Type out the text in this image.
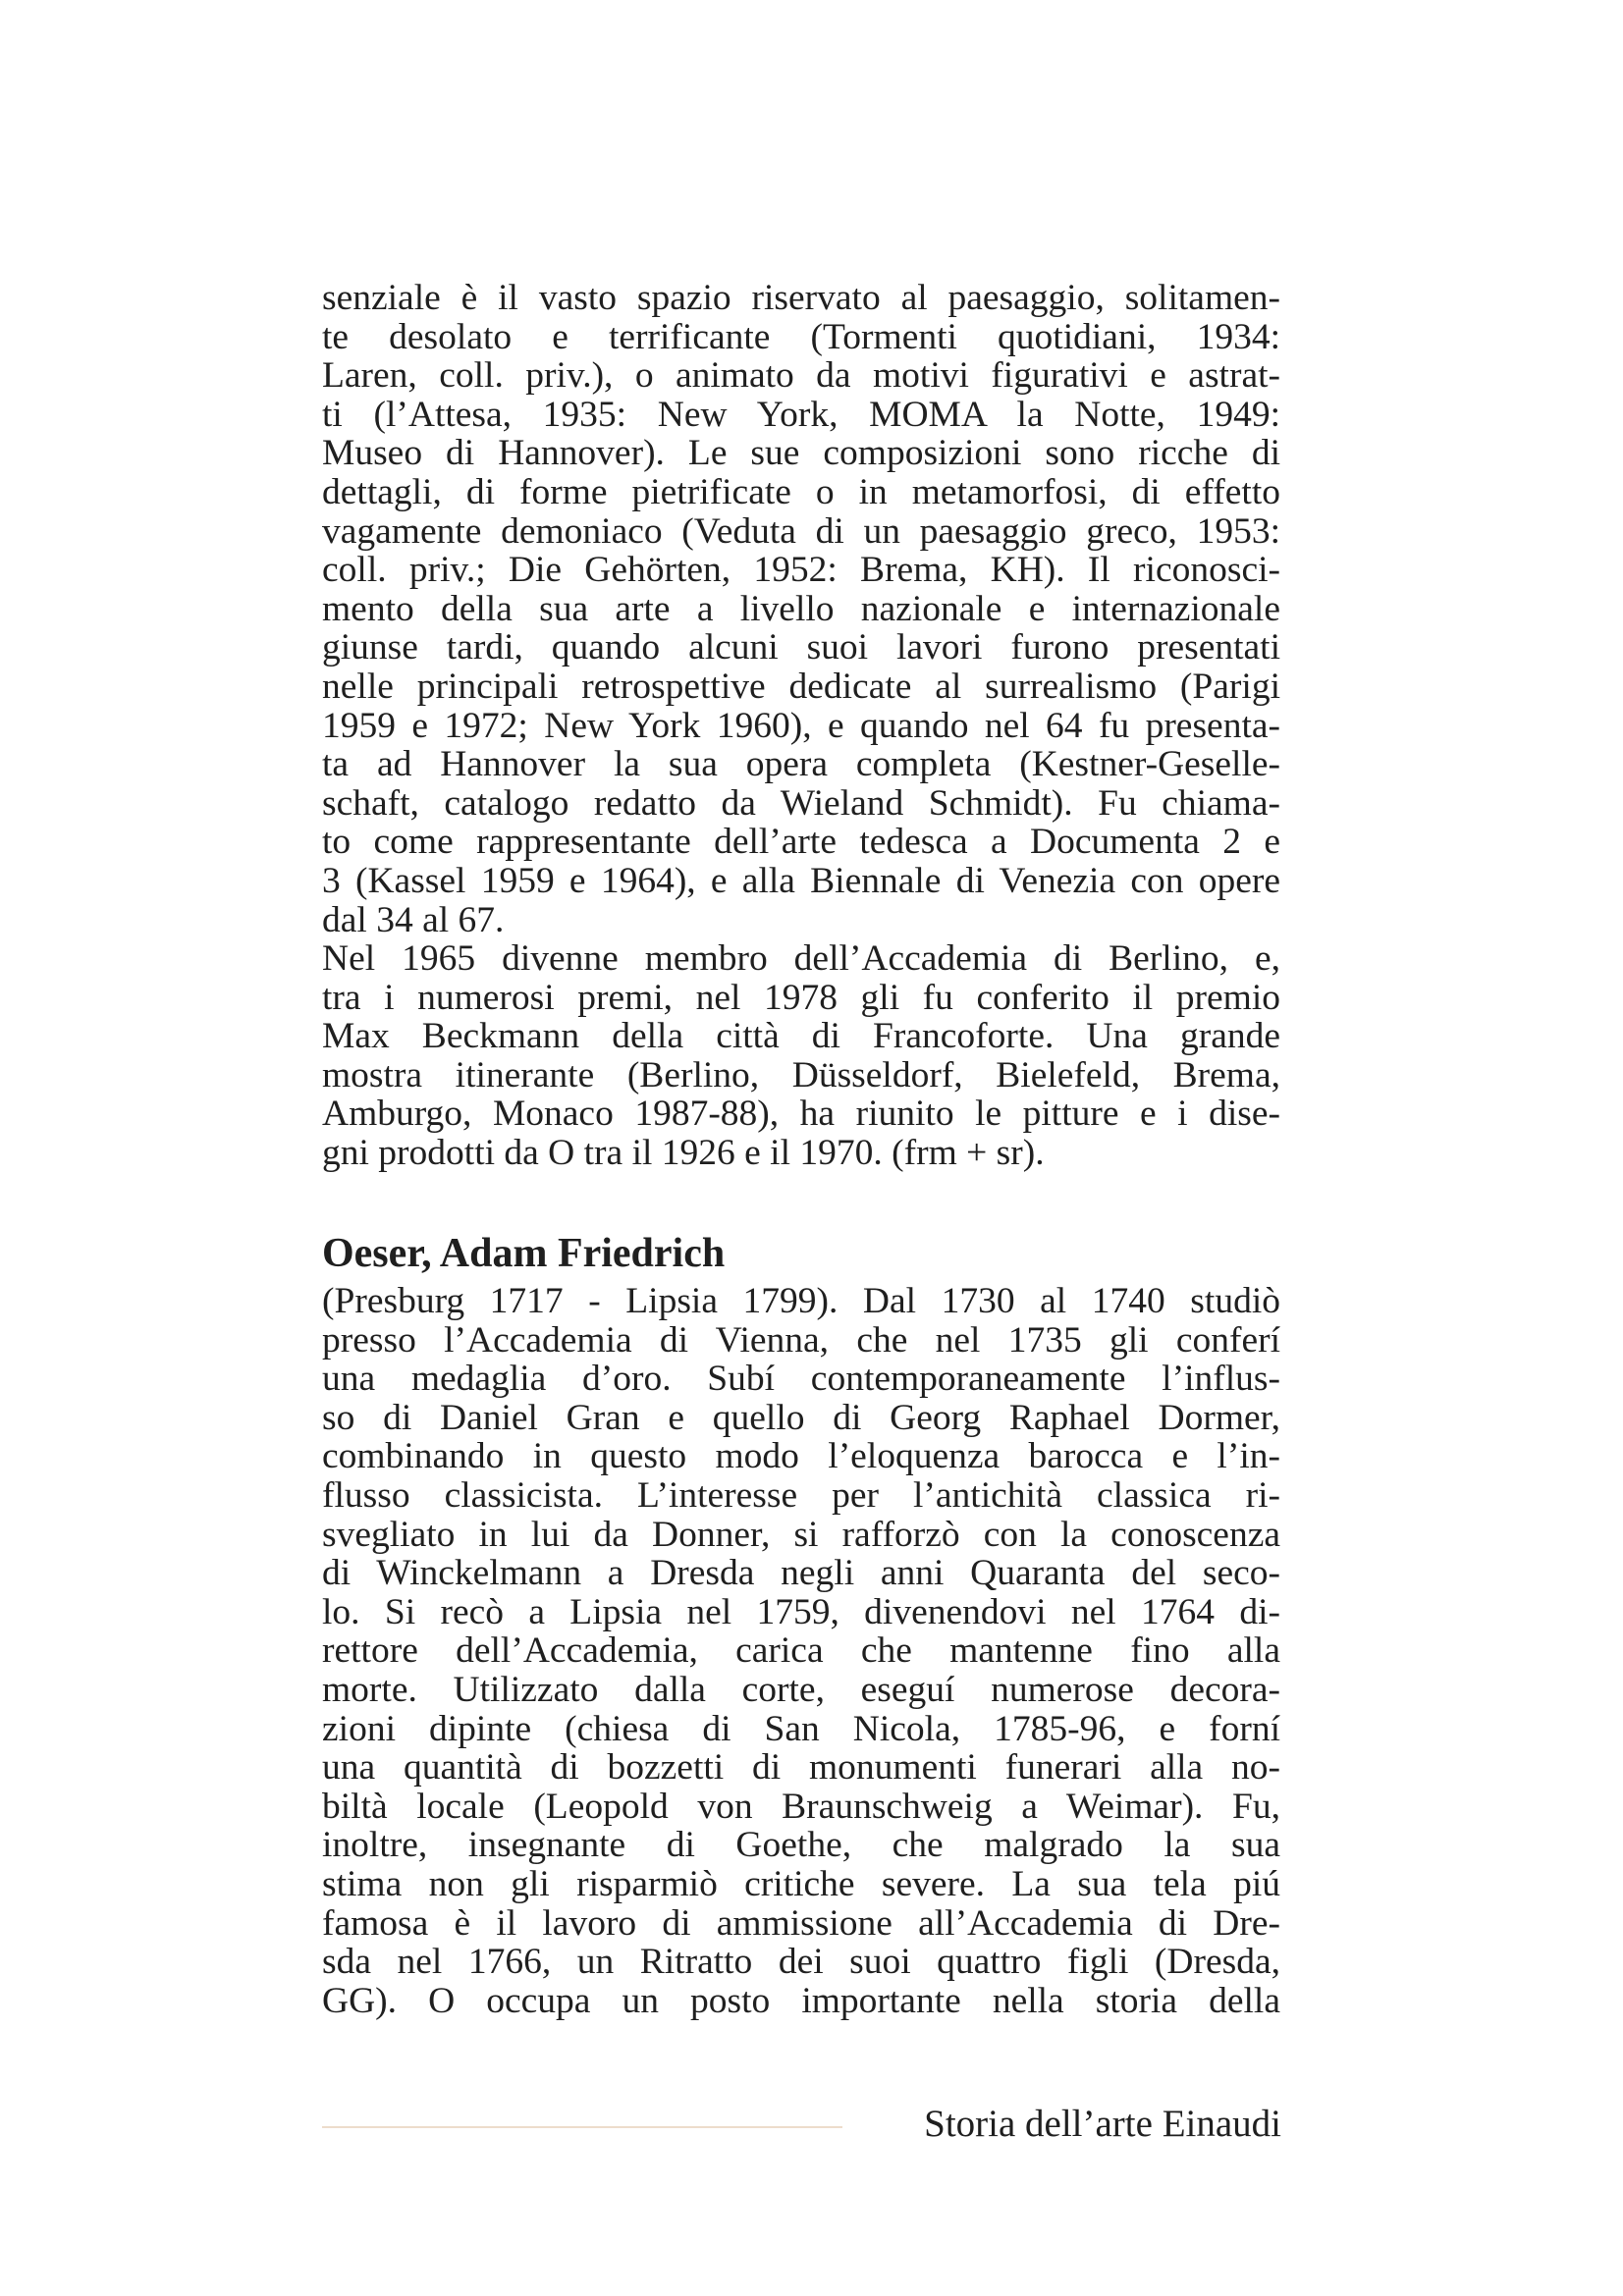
senziale è il vasto spazio riservato al paesaggio, solitamen-
te desolato e terrificante (Tormenti quotidiani, 1934:
Laren, coll. priv.), o animato da motivi figurativi e astrat-
ti (l’Attesa, 1935: New York, MOMA la Notte, 1949:
Museo di Hannover). Le sue composizioni sono ricche di
dettagli, di forme pietrificate o in metamorfosi, di effetto
vagamente demoniaco (Veduta di un paesaggio greco, 1953:
coll. priv.; Die Gehörten, 1952: Brema, KH). Il riconosci-
mento della sua arte a livello nazionale e internazionale
giunse tardi, quando alcuni suoi lavori furono presentati
nelle principali retrospettive dedicate al surrealismo (Parigi
1959 e 1972; New York 1960), e quando nel 64 fu presenta-
ta ad Hannover la sua opera completa (Kestner-Geselle-
schaft, catalogo redatto da Wieland Schmidt). Fu chiama-
to come rappresentante dell’arte tedesca a Documenta 2 e
3 (Kassel 1959 e 1964), e alla Biennale di Venezia con opere
dal 34 al 67.
Nel 1965 divenne membro dell’Accademia di Berlino, e,
tra i numerosi premi, nel 1978 gli fu conferito il premio
Max Beckmann della città di Francoforte. Una grande
mostra itinerante (Berlino, Düsseldorf, Bielefeld, Brema,
Amburgo, Monaco 1987-88), ha riunito le pitture e i dise-
gni prodotti da O tra il 1926 e il 1970. (frm + sr).
Oeser, Adam Friedrich
(Presburg 1717 - Lipsia 1799). Dal 1730 al 1740 studiò
presso l’Accademia di Vienna, che nel 1735 gli conferí
una medaglia d’oro. Subí contemporaneamente l’influs-
so di Daniel Gran e quello di Georg Raphael Dormer,
combinando in questo modo l’eloquenza barocca e l’in-
flusso classicista. L’interesse per l’antichità classica ri-
svegliato in lui da Donner, si rafforzò con la conoscenza
di Winckelmann a Dresda negli anni Quaranta del seco-
lo. Si recò a Lipsia nel 1759, divenendovi nel 1764 di-
rettore dell’Accademia, carica che mantenne fino alla
morte. Utilizzato dalla corte, eseguí numerose decora-
zioni dipinte (chiesa di San Nicola, 1785-96, e forní
una quantità di bozzetti di monumenti funerari alla no-
biltà locale (Leopold von Braunschweig a Weimar). Fu,
inoltre, insegnante di Goethe, che malgrado la sua
stima non gli risparmiò critiche severe. La sua tela piú
famosa è il lavoro di ammissione all’Accademia di Dre-
sda nel 1766, un Ritratto dei suoi quattro figli (Dresda,
GG). O occupa un posto importante nella storia della
Storia dell’arte Einaudi
